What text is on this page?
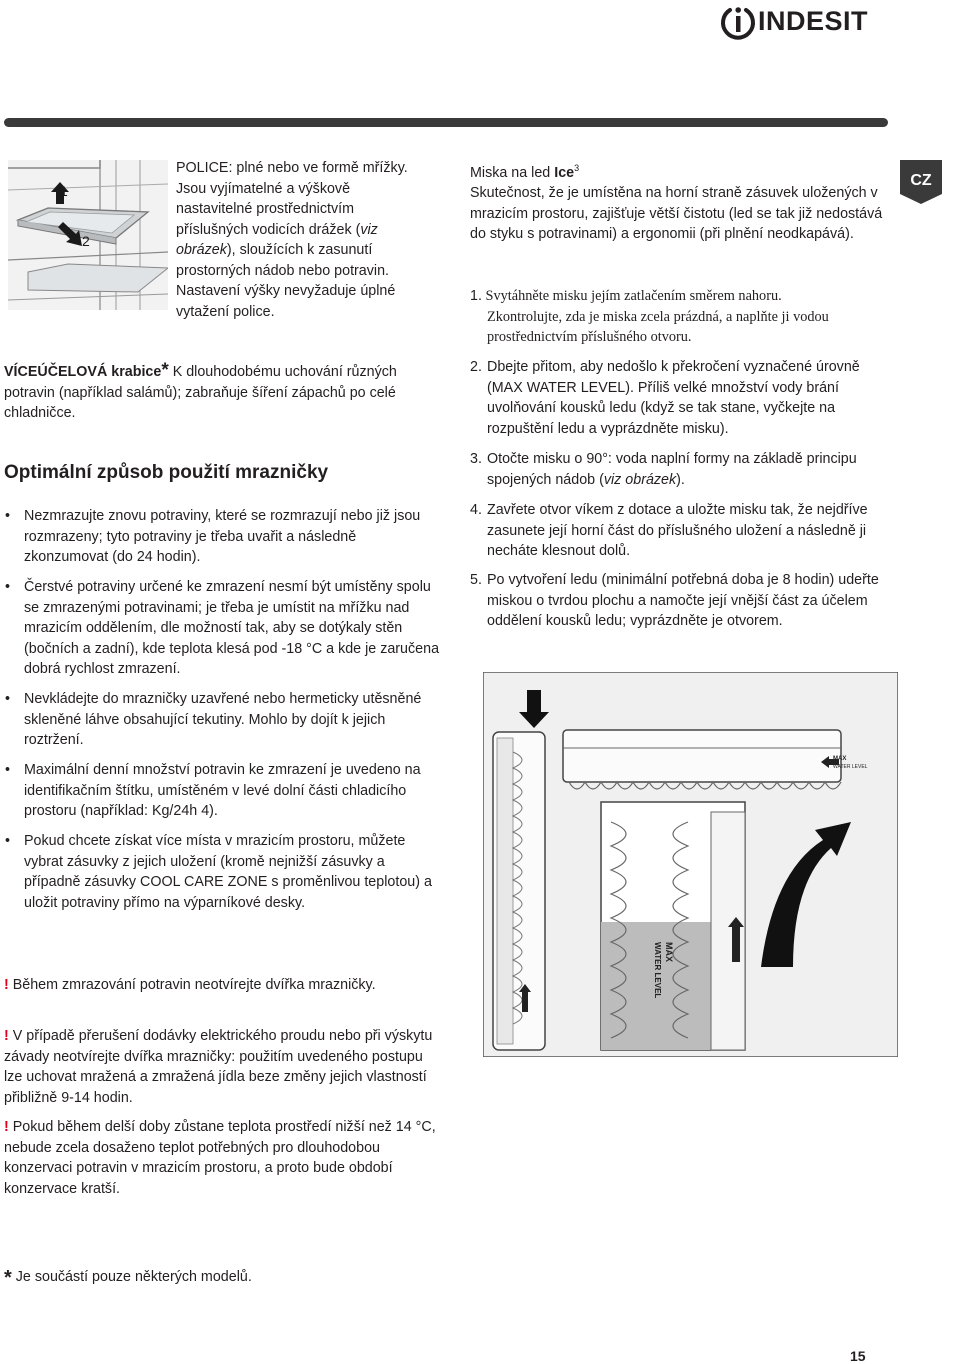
INDESIT
CZ
1
2
POLICE: plné nebo ve formě mřížky. Jsou vyjímatelné a výškově nastavitelné prostřednictvím příslušných vodicích drážek (viz obrázek), sloužících k zasunutí prostorných nádob nebo potravin. Nastavení výšky nevyžaduje úplné vytažení police.
VÍCEÚČELOVÁ krabice* K dlouhodobému uchování různých potravin (například salámů); zabraňuje šíření zápachů po celé chladničce.
Optimální způsob použití mrazničky
• Nezmrazujte znovu potraviny, které se rozmrazují nebo již jsou rozmrazeny; tyto potraviny je třeba uvařit a následně zkonzumovat (do 24 hodin).
• Čerstvé potraviny určené ke zmrazení nesmí být umístěny spolu se zmrazenými potravinami; je třeba je umístit na mřížku nad mrazicím oddělením, dle možností tak, aby se dotýkaly stěn (bočních a zadní), kde teplota klesá pod -18 °C a kde je zaručena dobrá rychlost zmrazení.
• Nevkládejte do mrazničky uzavřené nebo hermeticky utěsněné skleněné láhve obsahující tekutiny. Mohlo by dojít k jejich roztržení.
• Maximální denní množství potravin ke zmrazení je uvedeno na identifikačním štítku, umístěném v levé dolní části chladicího prostoru (například: Kg/24h 4).
• Pokud chcete získat více místa v mrazicím prostoru, můžete vybrat zásuvky z jejich uložení (kromě nejnižší zásuvky a případně zásuvky COOL CARE ZONE s proměnlivou teplotou) a uložit potraviny přímo na výparníkové desky.
! Během zmrazování potravin neotvírejte dvířka mrazničky.
! V případě přerušení dodávky elektrického proudu nebo při výskytu závady neotvírejte dvířka mrazničky: použitím uvedeného postupu lze uchovat mražená a zmražená jídla beze změny jejich vlastností přibližně 9-14 hodin.
! Pokud během delší doby zůstane teplota prostředí nižší než 14 °C, nebude zcela dosaženo teplot potřebných pro dlouhodobou konzervaci potravin v mrazicím prostoru, a proto bude období konzervace kratší.
* Je součástí pouze některých modelů.
15
Miska na led Ice$^3$
Skutečnost, že je umístěna na horní straně zásuvek uložených v mrazicím prostoru, zajišťuje větší čistotu (led se tak již nedostává do styku s potravinami) a ergonomii (při plnění neodkapává).
1. Svytáhněte misku jejím zatlačením směrem nahoru.
Zkontrolujte, zda je miska zcela prázdná, a naplňte ji vodou prostřednictvím příslušného otvoru.
2. Dbejte přitom, aby nedošlo k překročení vyznačené úrovně (MAX WATER LEVEL). Příliš velké množství vody brání uvolňování kousků ledu (když se tak stane, vyčkejte na rozpuštění ledu a vyprázdněte misku).
3. Otočte misku o 90°: voda naplní formy na základě principu spojených nádob (viz obrázek).
4. Zavřete otvor víkem z dotace a uložte misku tak, že nejdříve zasunete její horní část do příslušného uložení a následně ji necháte klesnout dolů.
5. Po vytvoření ledu (minimální potřebná doba je 8 hodin) udeřte miskou o tvrdou plochu a namočte její vnější část za účelem oddělení kousků ledu; vyprázdněte je otvorem.
MAX
WATER LEVEL
MAX
WATER LEVEL
